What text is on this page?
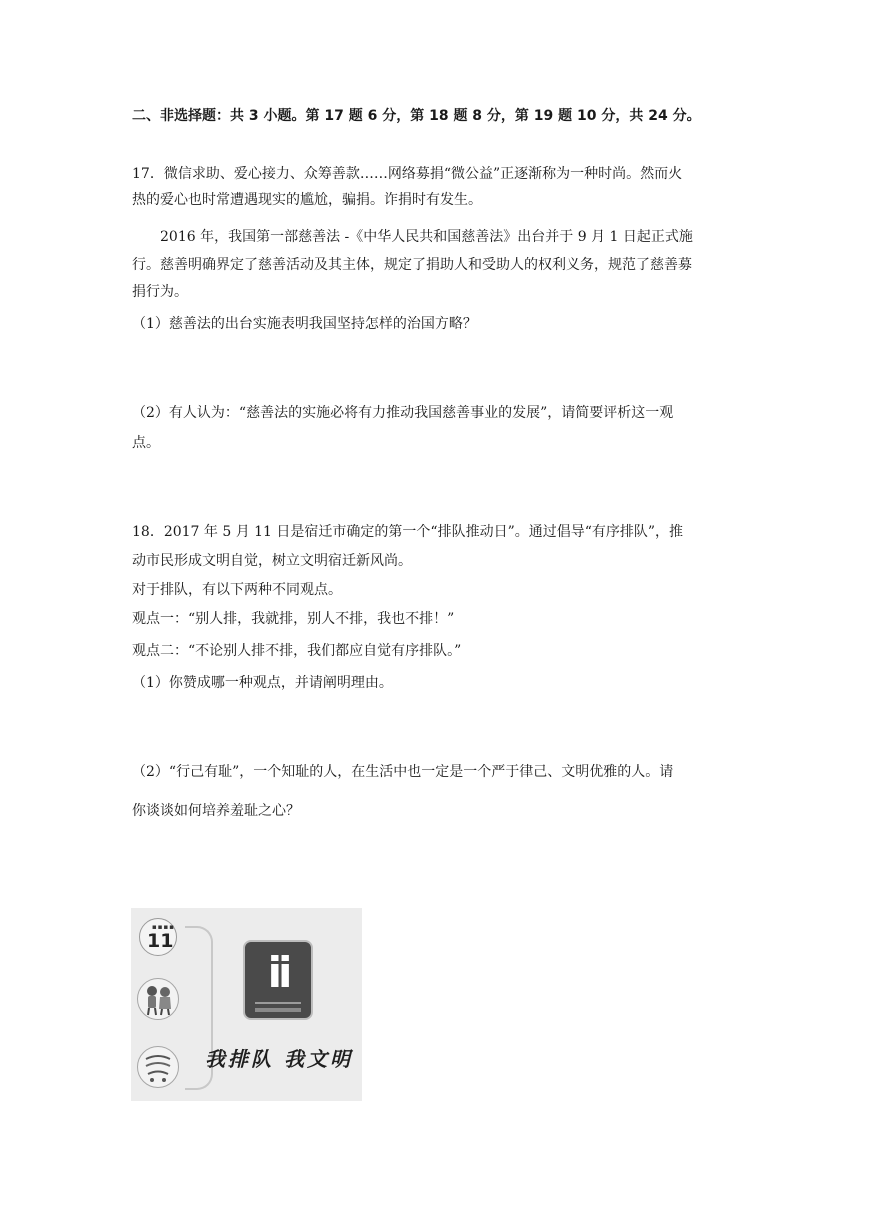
二、非选择题：共 3 小题。第 17 题 6 分，第 18 题 8 分，第 19 题 10 分，共 24 分。
17．微信求助、爱心接力、众筹善款……网络募捐“微公益”正逐渐称为一种时尚。然而火
热的爱心也时常遭遇现实的尴尬，骗捐。诈捐时有发生。
2016 年，我国第一部慈善法 -《中华人民共和国慈善法》出台并于 9 月 1 日起正式施
行。慈善明确界定了慈善活动及其主体，规定了捐助人和受助人的权利义务，规范了慈善募
捐行为。
（1）慈善法的出台实施表明我国坚持怎样的治国方略？
（2）有人认为：“慈善法的实施必将有力推动我国慈善事业的发展”，请简要评析这一观
点。
18．2017 年 5 月 11 日是宿迁市确定的第一个“排队推动日”。通过倡导“有序排队”，推
动市民形成文明自觉，树立文明宿迁新风尚。
对于排队，有以下两种不同观点。
观点一：“别人排，我就排，别人不排，我也不排！”
观点二：“不论别人排不排，我们都应自觉有序排队。”
（1）你赞成哪一种观点，并请阐明理由。
（2）“行己有耻”，一个知耻的人，在生活中也一定是一个严于律己、文明优雅的人。请
你谈谈如何培养羞耻之心？
▪▪▪▪
11
ii
我排队 我文明
